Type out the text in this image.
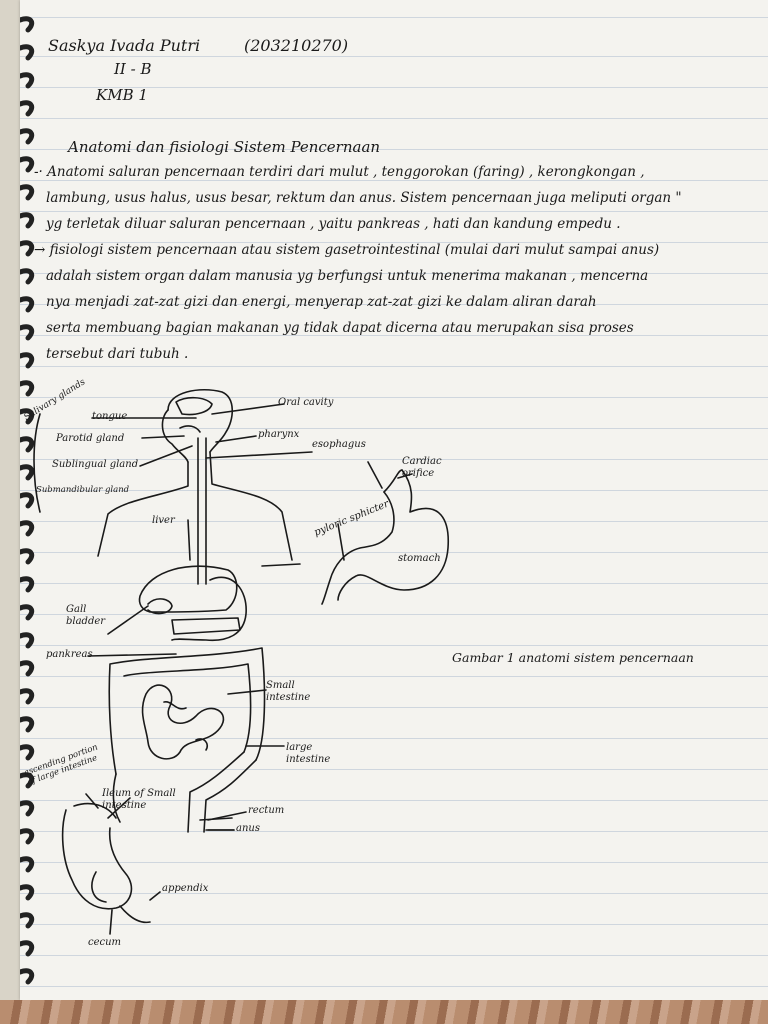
Saskya Ivada Putri	(203210270)
II - B
KMB 1
Anatomi dan fisiologi Sistem Pencernaan
-· Anatomi saluran pencernaan terdiri dari mulut , tenggorokan (faring) , kerongkongan ,
lambung, usus halus, usus besar, rektum dan anus. Sistem pencernaan juga meliputi organ "
yg terletak diluar saluran pencernaan , yaitu pankreas , hati dan kandung empedu .
→ fisiologi sistem pencernaan atau sistem gasetrointestinal (mulai dari mulut sampai anus)
adalah sistem organ dalam manusia yg berfungsi untuk menerima makanan , mencerna
nya menjadi zat-zat gizi dan energi, menyerap zat-zat gizi ke dalam aliran darah
serta membuang bagian makanan yg tidak dapat dicerna atau merupakan sisa proses
tersebut dari tubuh .
Salivary glands tongue
Parotid gland
Sublingual gland
Submandibular gland
Oral cavity
pharynx
esophagus
Cardiac orifice
pyloric sphicter
stomach
liver
Gall bladder
pankreas
Small intestine
large intestine
ascending portion of large intestine
Ileum of Small intestine	rectum
anus
appendix
cecum
Gambar 1 anatomi sistem pencernaan
